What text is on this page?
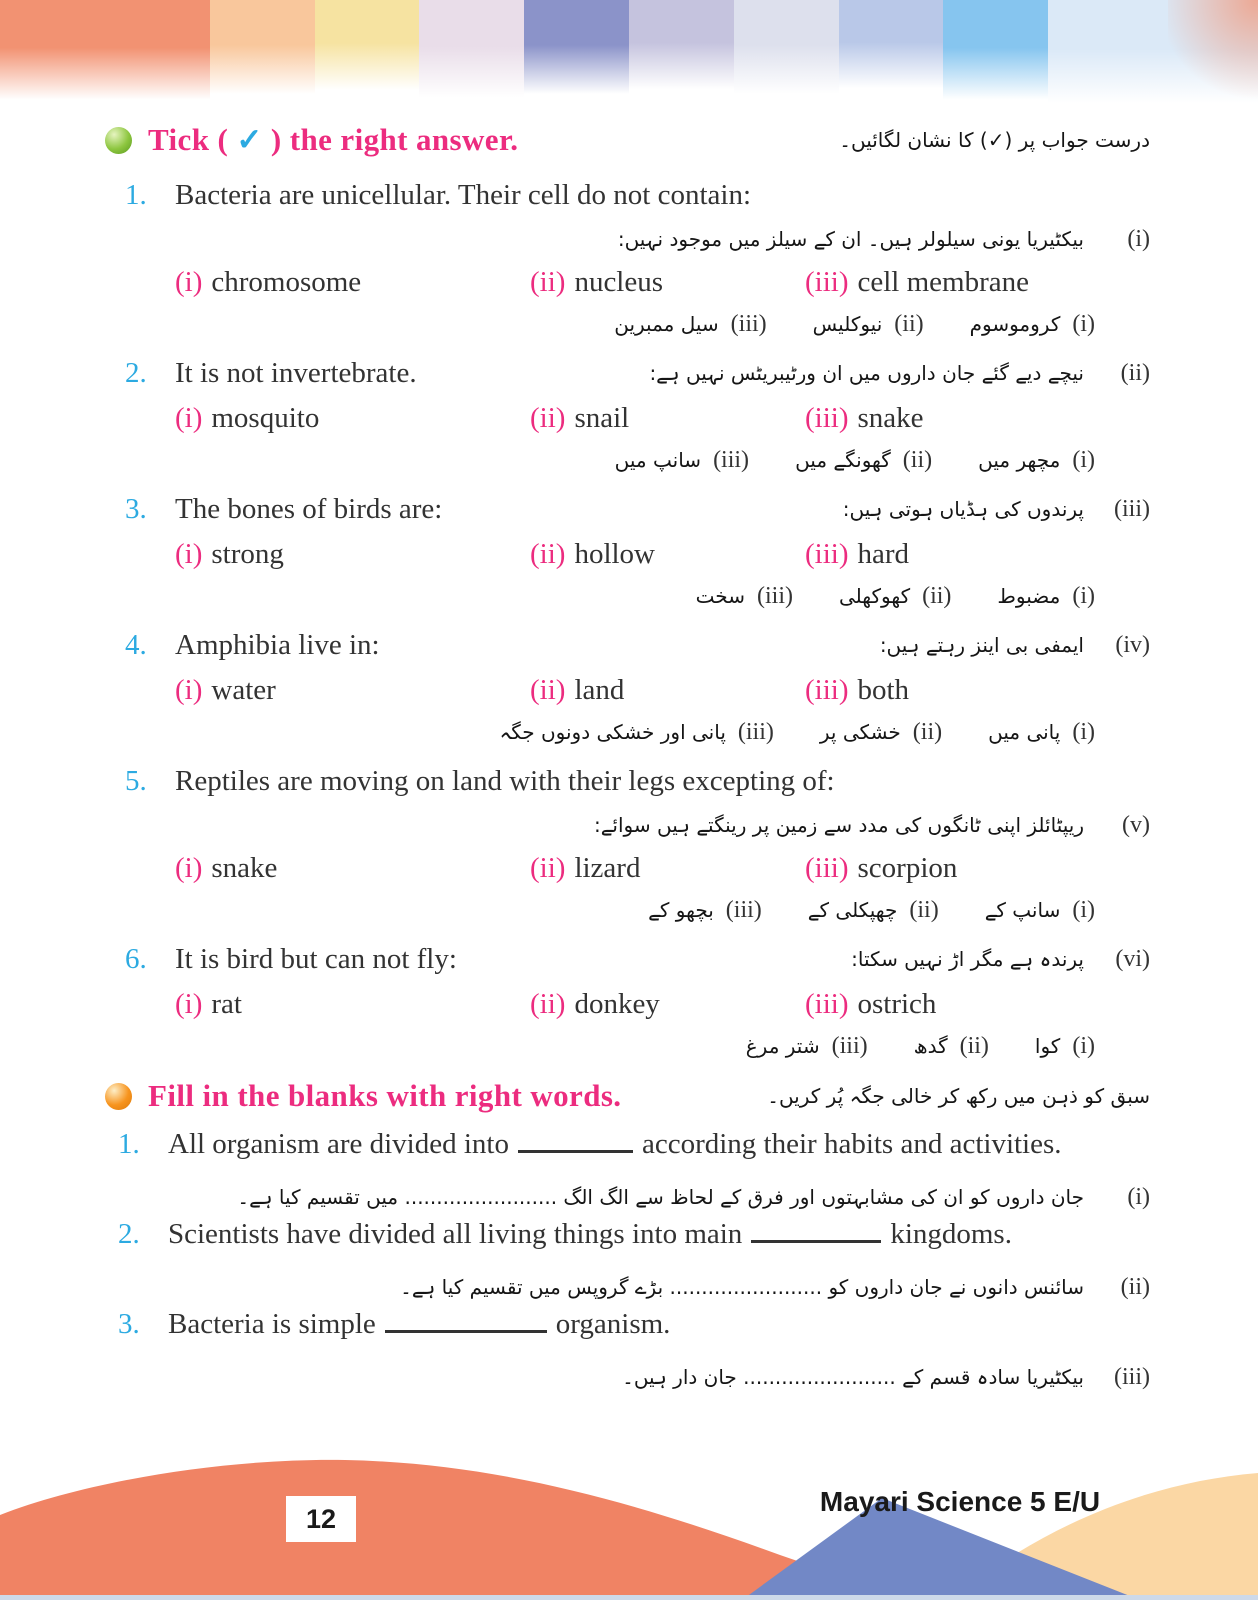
Tick ( ✓ ) the right answer.	درست جواب پر (✓) کا نشان لگائیں۔
1. Bacteria are unicellular. Their cell do not contain:
بیکٹیریا یونی سیلولر ہیں۔ ان کے سیلز میں موجود نہیں:	(i)
(i) chromosome	(ii) nucleus	(iii) cell membrane
کروموسوم (i)
نیوکلیس (ii)
سیل ممبرین (iii)
2. It is not invertebrate.	نیچے دیے گئے جان داروں میں ان ورٹیبریٹس نہیں ہے:	(ii)
(i) mosquito	(ii) snail	(iii) snake
مچھر میں (i)
گھونگے میں (ii)
سانپ میں (iii)
3. The bones of birds are:	پرندوں کی ہڈیاں ہوتی ہیں:	(iii)
(i) strong	(ii) hollow	(iii) hard
مضبوط (i)
کھوکھلی (ii)
سخت (iii)
4. Amphibia live in:	ایمفی بی اینز رہتے ہیں:	(iv)
(i) water	(ii) land	(iii) both
پانی میں (i)
خشکی پر (ii)
پانی اور خشکی دونوں جگہ (iii)
5. Reptiles are moving on land with their legs excepting of:
ریپٹائلز اپنی ٹانگوں کی مدد سے زمین پر رینگتے ہیں سوائے:	(v)
(i) snake	(ii) lizard	(iii) scorpion
سانپ کے (i)
چھپکلی کے (ii)
بچھو کے (iii)
6. It is bird but can not fly:	پرندہ ہے مگر اڑ نہیں سکتا:	(vi)
(i) rat	(ii) donkey	(iii) ostrich
کوا (i)
گدھ (ii)
شتر مرغ (iii)
Fill in the blanks with right words.	سبق کو ذہن میں رکھ کر خالی جگہ پُر کریں۔
1. All organism are divided into	according their habits and activities.
جان داروں کو ان کی مشابہتوں اور فرق کے لحاظ سے الگ الگ ........................ میں تقسیم کیا ہے۔	(i)
2. Scientists have divided all living things into main	kingdoms.
سائنس دانوں نے جان داروں کو ........................ بڑے گروپس میں تقسیم کیا ہے۔	(ii)
3. Bacteria is simple	organism.
بیکٹیریا سادہ قسم کے ........................ جان دار ہیں۔	(iii)
12
Mayari Science 5 E/U
